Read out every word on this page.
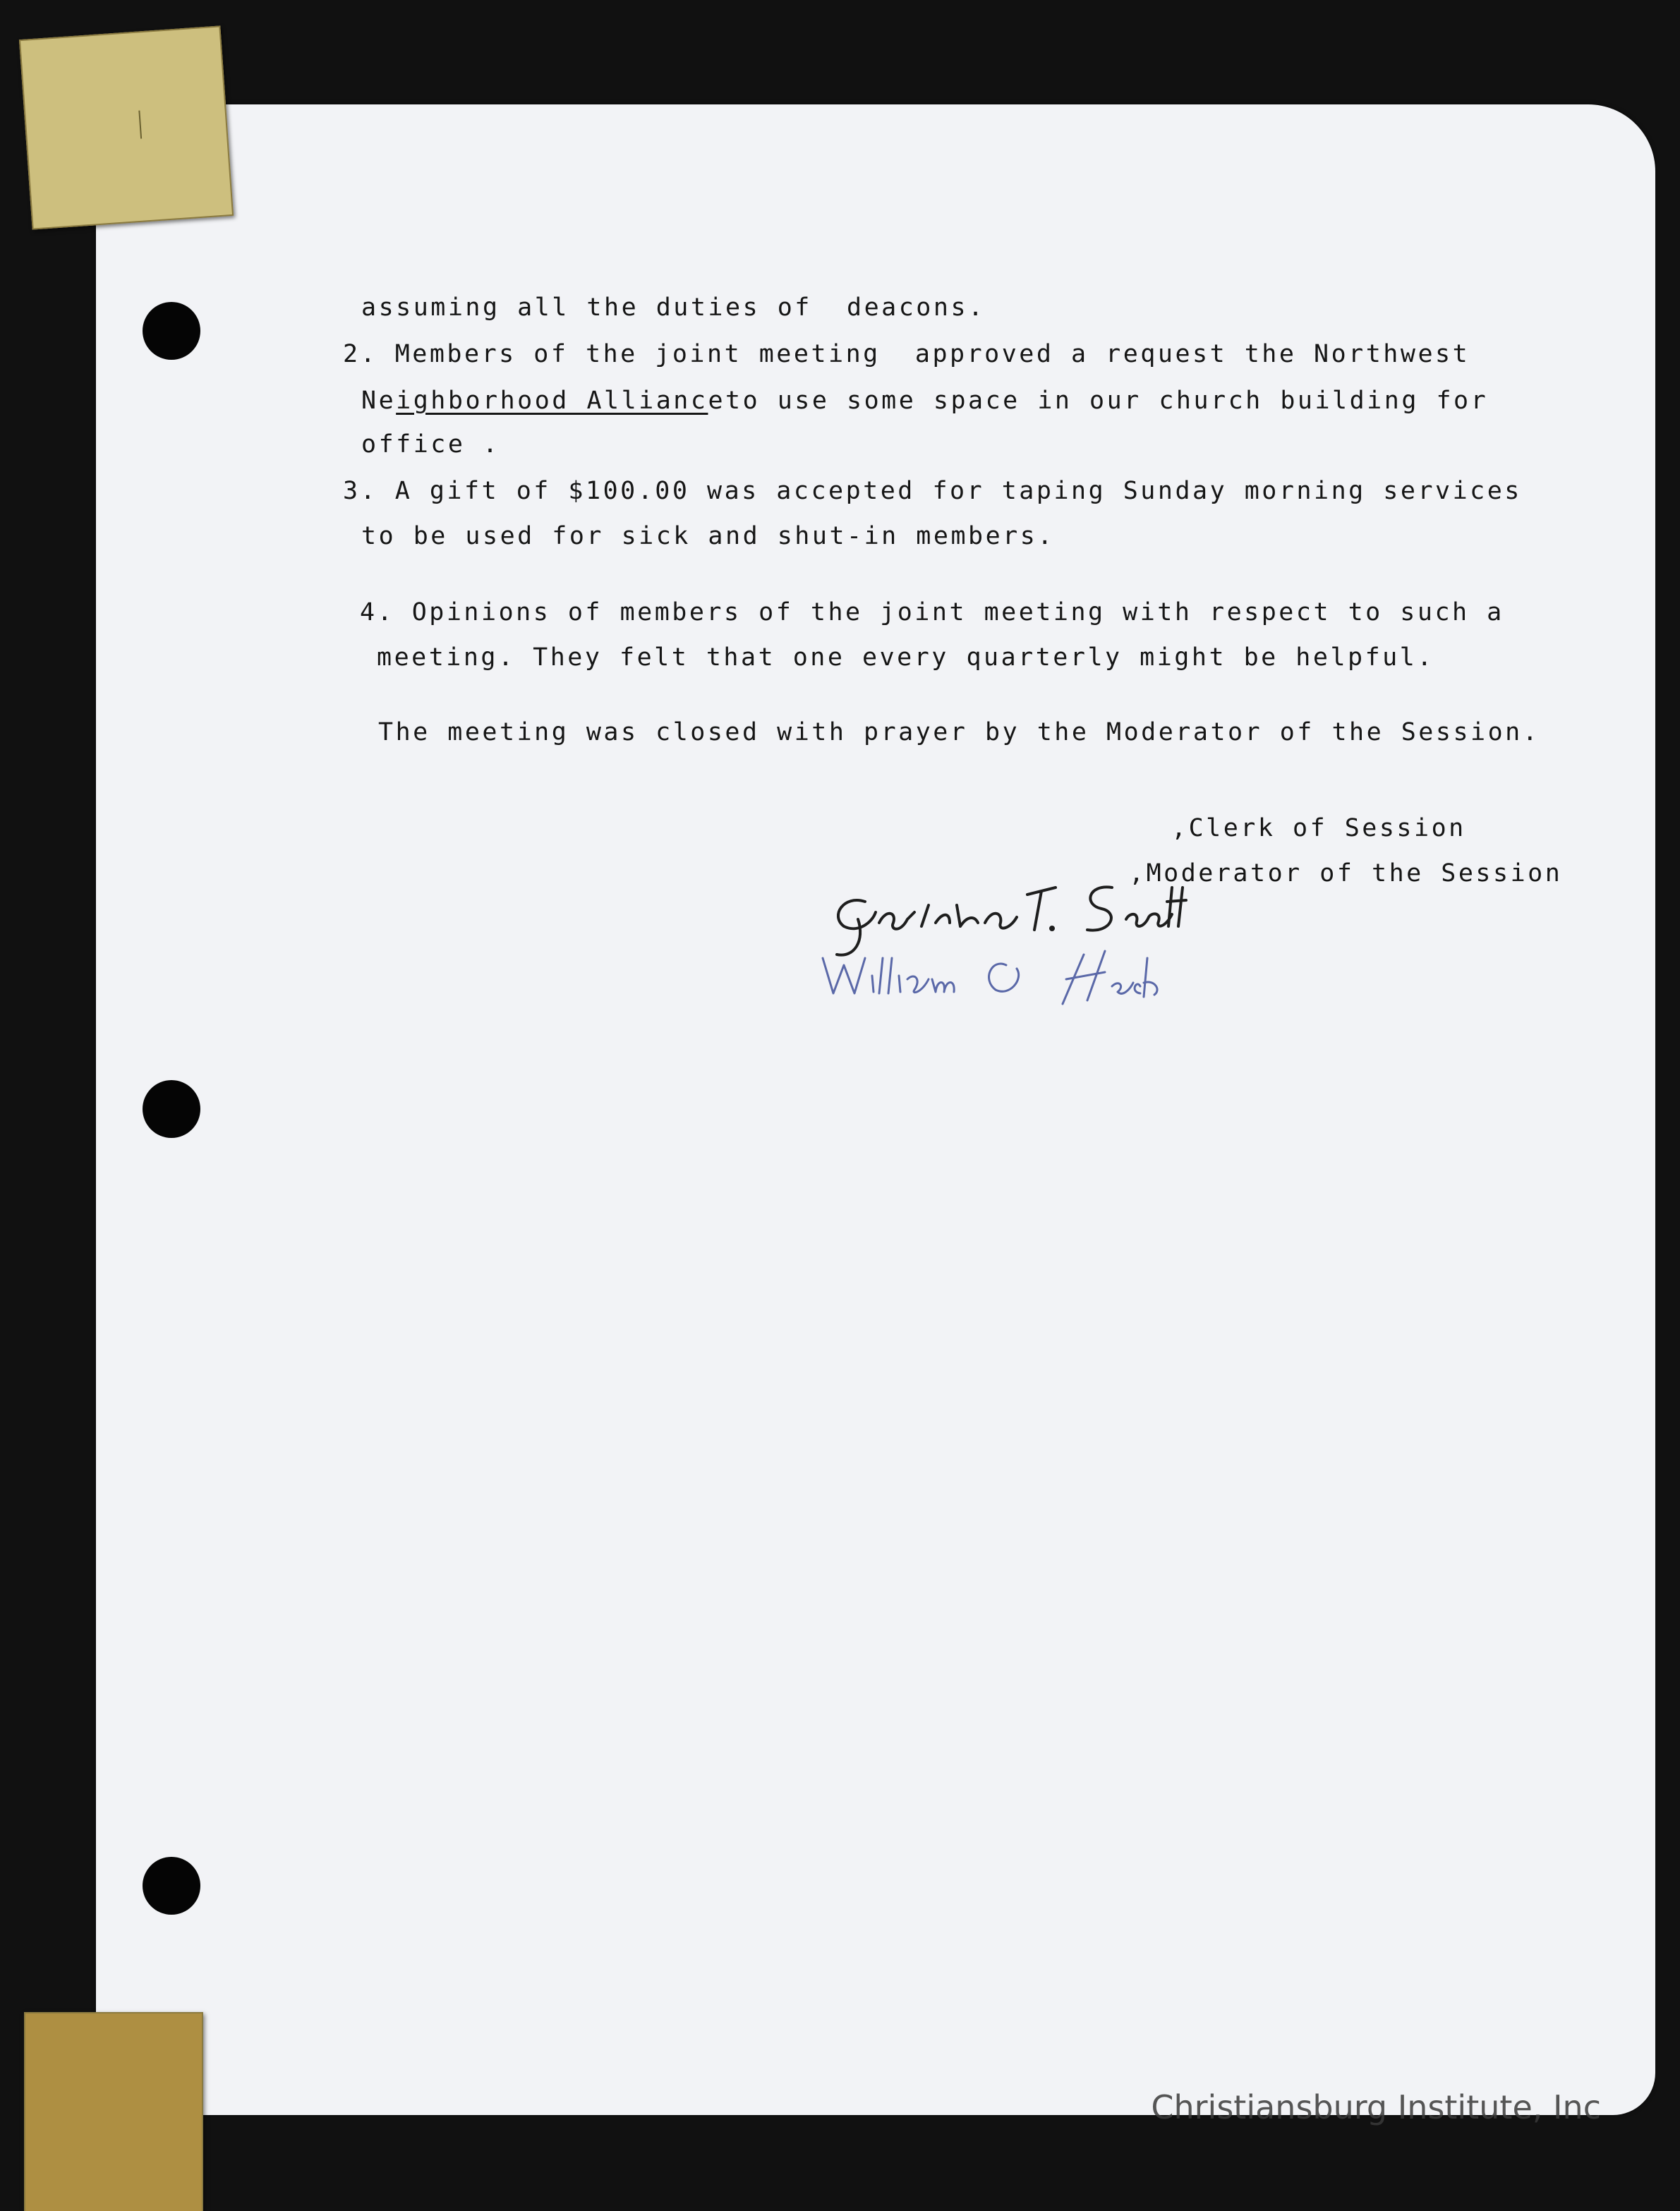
assuming all the duties of  deacons.

2. Members of the joint meeting  approved a request the Northwest

Neighborhood Allianceto use some space in our church building for

office .

3. A gift of $100.00 was accepted for taping Sunday morning services

to be used for sick and shut-in members.

4. Opinions of members of the joint meeting with respect to such a

meeting. They felt that one every quarterly might be helpful.

The meeting was closed with prayer by the Moderator of the Session.

,Clerk of Session

,Moderator of the Session

Christiansburg Institute, Inc
